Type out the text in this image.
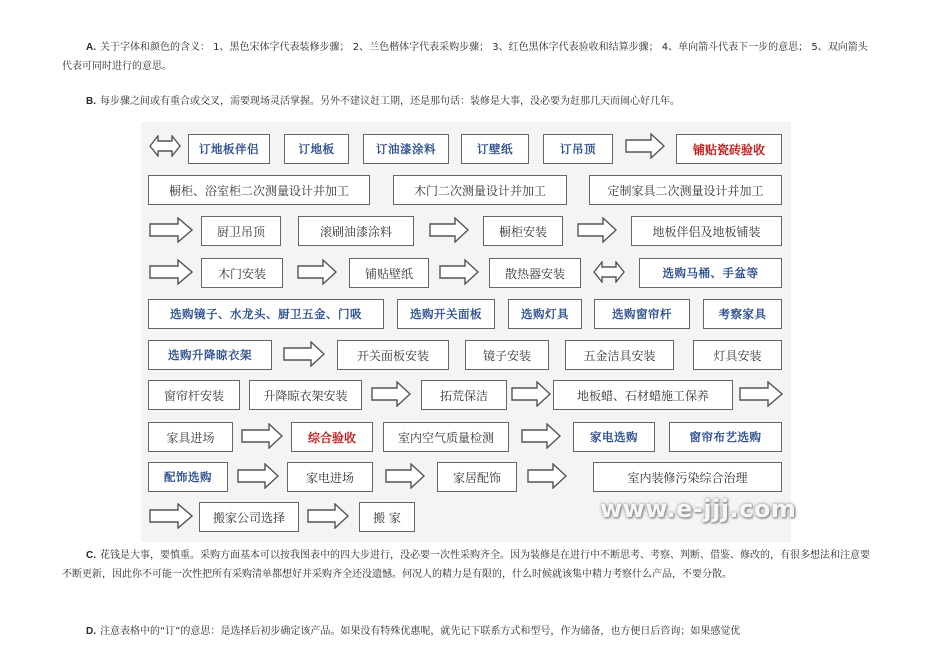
A. 关于字体和颜色的含义： 1、黑色宋体字代表装修步骤； 2、兰色楷体字代表采购步骤； 3、红色黑体字代表验收和结算步骤； 4、单向箭斗代表下一步的意思； 5、双向箭头代表可同时进行的意思。
B. 每步骤之间或有重合或交叉，需要现场灵活掌握。另外不建议赶工期，还是那句话：装修是大事，没必要为赶那几天而闹心好几年。
订地板伴侣	订地板	订油漆涂料	订壁纸	订吊顶	铺贴瓷砖验收
橱柜、浴室柜二次测量设计并加工	木门二次测量设计并加工	定制家具二次测量设计并加工
厨卫吊顶	滚刷油漆涂料	橱柜安装	地板伴侣及地板铺装
木门安装	铺贴壁纸	散热器安装	选购马桶、手盆等
选购镜子、水龙头、厨卫五金、门吸	选购开关面板	选购灯具	选购窗帘杆	考察家具
选购升降晾衣架	开关面板安装	镜子安装	五金洁具安装	灯具安装
窗帘杆安装	升降晾衣架安装	拓荒保洁	地板蜡、石材蜡施工保养
家具进场	综合验收	室内空气质量检测	家电选购	窗帘布艺选购
配饰选购	家电进场	家居配饰	室内装修污染综合治理
搬家公司选择	搬 家	www.e-jjj.com
C. 花钱是大事，要慎重。采购方面基本可以按我图表中的四大步进行，没必要一次性采购齐全。因为装修是在进行中不断思考、考察、判断、借鉴、修改的，有很多想法和注意要不断更新，因此你不可能一次性把所有采购清单都想好并采购齐全还没遗憾。何况人的精力是有限的，什么时候就该集中精力考察什么产品，不要分散。
D. 注意表格中的“订”的意思：是选择后初步确定该产品。如果没有特殊优惠呢，就先记下联系方式和型号，作为储备，也方便日后咨询；如果感觉优
